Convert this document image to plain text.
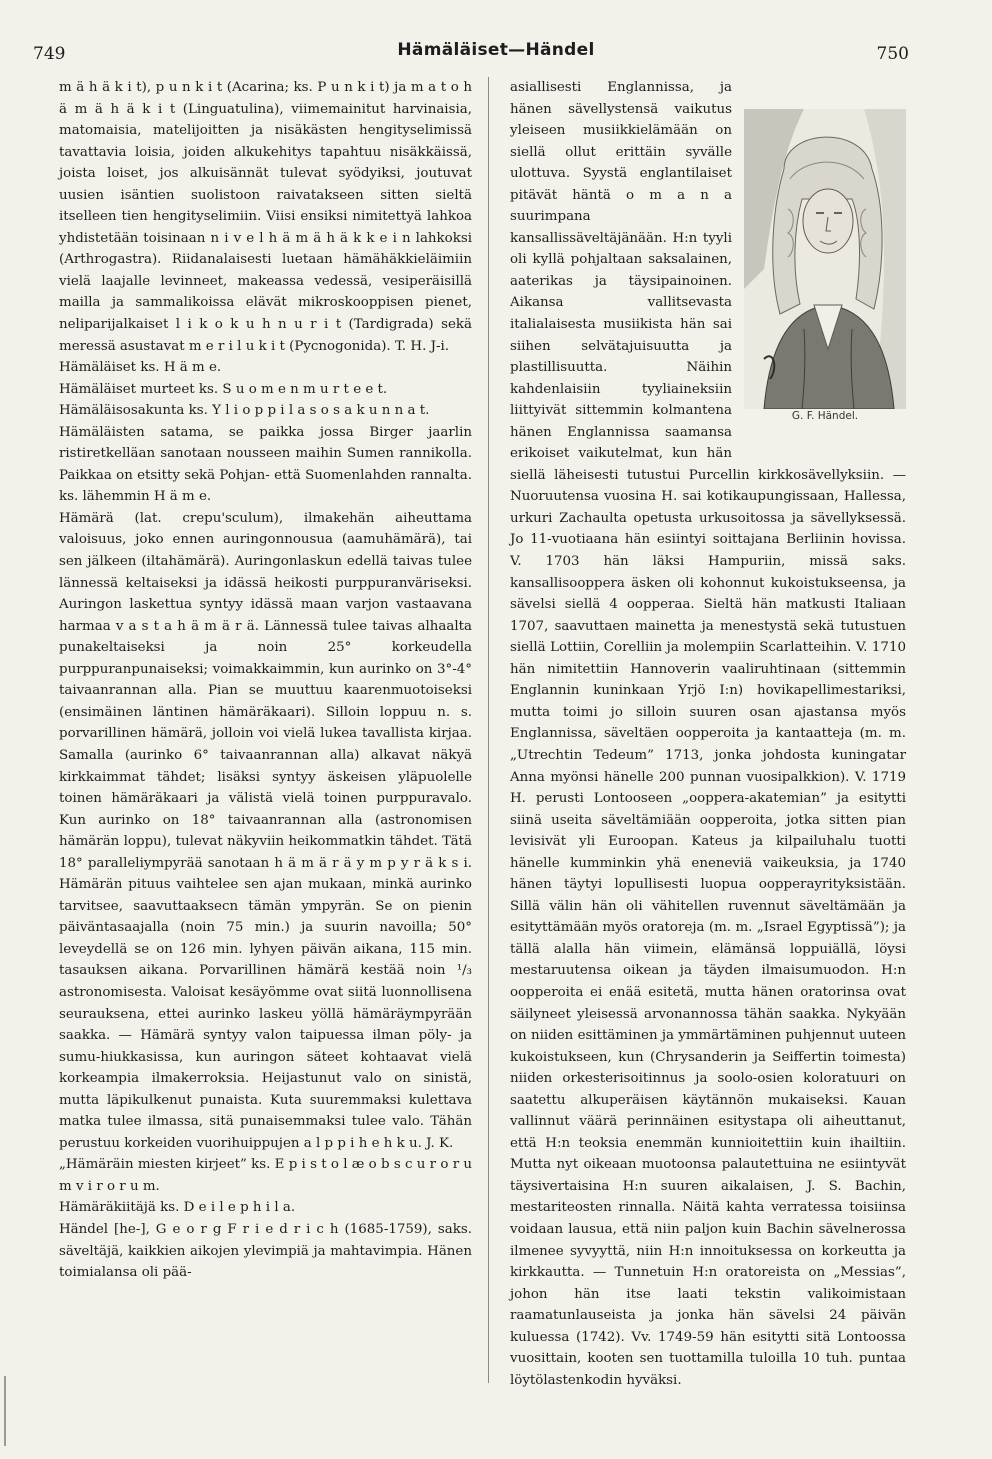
749	Hämäläiset—Händel	750

m ä h ä k i t), p u n k i t (Acarina; ks. P u n k i t) ja m a t o h ä m ä h ä k i t (Linguatulina), viimemainitut harvinaisia, matomaisia, matelijoitten ja nisäkästen hengityselimissä tavattavia loisia, joiden alkukehitys tapahtuu nisäkkäissä, joista loiset, jos alkuisännät tulevat syödyiksi, joutuvat uusien isäntien suolistoon raivatakseen sitten sieltä itselleen tien hengityselimiin. Viisi ensiksi nimitettyä lahkoa yhdistetään toisinaan n i v e l h ä m ä h ä k k e i n lahkoksi (Arthrogastra). Riidanalaisesti luetaan hämähäkkieläimiin vielä laajalle levinneet, makeassa vedessä, vesiperäisillä mailla ja sammalikoissa elävät mikroskooppisen pienet, neliparijalkaiset l i k o k u h n u r i t (Tardigrada) sekä meressä asustavat m e r i l u k i t (Pycnogonida). T. H. J-i.

Hämäläiset ks. H ä m e.

Hämäläiset murteet ks. S u o m e n m u r t e e t.

Hämäläisosakunta ks. Y l i o p p i l a s o s a k u n n a t.

Hämäläisten satama, se paikka jossa Birger jaarlin ristiretkelläan sanotaan nousseen maihin Sumen rannikolla. Paikkaa on etsitty sekä Pohjan- että Suomenlahden rannalta. ks. lähemmin H ä m e.

Hämärä (lat. crepu'sculum), ilmakehän aiheuttama valoisuus, joko ennen auringonnousua (aamuhämärä), tai sen jälkeen (iltahämärä). Auringonlaskun edellä taivas tulee lännessä keltaiseksi ja idässä heikosti purppuranväriseksi. Auringon laskettua syntyy idässä maan varjon vastaavana harmaa v a s t a h ä m ä r ä. Lännessä tulee taivas alhaalta punakeltaiseksi ja noin 25° korkeudella purppuranpunaiseksi; voimakkaimmin, kun aurinko on 3°-4° taivaanrannan alla. Pian se muuttuu kaarenmuotoiseksi (ensimäinen läntinen hämäräkaari). Silloin loppuu n. s. porvarillinen hämärä, jolloin voi vielä lukea tavallista kirjaa. Samalla (aurinko 6° taivaanrannan alla) alkavat näkyä kirkkaimmat tähdet; lisäksi syntyy äskeisen yläpuolelle toinen hämäräkaari ja välistä vielä toinen purppuravalo. Kun aurinko on 18° taivaanrannan alla (astronomisen hämärän loppu), tulevat näkyviin heikommatkin tähdet. Tätä 18° paralleliympyrää sanotaan h ä m ä r ä y m p y r ä k s i. Hämärän pituus vaihtelee sen ajan mukaan, minkä aurinko tarvitsee, saavuttaaksecn tämän ympyrän. Se on pienin päiväntasaajalla (noin 75 min.) ja suurin navoilla; 50° leveydellä se on 126 min. lyhyen päivän aikana, 115 min. tasauksen aikana. Porvarillinen hämärä kestää noin ¹/₃ astronomisesta. Valoisat kesäyömme ovat siitä luonnollisena seurauksena, ettei aurinko laskeu yöllä hämäräympyrään saakka. — Hämärä syntyy valon taipuessa ilman pöly- ja sumu-hiukkasissa, kun auringon säteet kohtaavat vielä korkeampia ilmakerroksia. Heijastunut valo on sinistä, mutta läpikulkenut punaista. Kuta suuremmaksi kulettava matka tulee ilmassa, sitä punaisemmaksi tulee valo. Tähän perustuu korkeiden vuorihuippujen a l p p i h e h k u. J. K.

„Hämäräin miesten kirjeet” ks. E p i s t o l æ o b s c u r o r u m v i r o r u m.

Hämäräkiitäjä ks. D e i l e p h i l a.

Händel [he-], G e o r g F r i e d r i c h (1685-1759), saks. säveltäjä, kaikkien aikojen ylevimpiä ja mahtavimpia. Hänen toimialansa oli pää-

G. F. Händel.

asiallisesti Englannissa, ja hänen sävellystensä vaikutus yleiseen musiikkielämään on siellä ollut erittäin syvälle ulottuva. Syystä englantilaiset pitävät häntä o m a n a suurimpana kansallissäveltäjänään. H:n tyyli oli kyllä pohjaltaan saksalainen, aaterikas ja täysipainoinen. Aikansa vallitsevasta italialaisesta musiikista hän sai siihen selvätajuisuutta ja plastillisuutta. Näihin kahdenlaisiin tyyliaineksiin liittyivät sittemmin kolmantena hänen Englannissa saamansa erikoiset vaikutelmat, kun hän siellä läheisesti tutustui Purcellin kirkkosävellyksiin. — Nuoruutensa vuosina H. sai kotikaupungissaan, Hallessa, urkuri Zachaulta opetusta urkusoitossa ja sävellyksessä. Jo 11-vuotiaana hän esiintyi soittajana Berliinin hovissa. V. 1703 hän läksi Hampuriin, missä saks. kansallisooppera äsken oli kohonnut kukoistukseensa, ja sävelsi siellä 4 oopperaa. Sieltä hän matkusti Italiaan 1707, saavuttaen mainetta ja menestystä sekä tutustuen siellä Lottiin, Corelliin ja molempiin Scarlatteihin. V. 1710 hän nimitettiin Hannoverin vaaliruhtinaan (sittemmin Englannin kuninkaan Yrjö I:n) hovikapellimestariksi, mutta toimi jo silloin suuren osan ajastansa myös Englannissa, säveltäen oopperoita ja kantaatteja (m. m. „Utrechtin Tedeum” 1713, jonka johdosta kuningatar Anna myönsi hänelle 200 punnan vuosipalkkion). V. 1719 H. perusti Lontooseen „ooppera-akatemian” ja esitytti siinä useita säveltämiään oopperoita, jotka sitten pian levisivät yli Euroopan. Kateus ja kilpailuhalu tuotti hänelle kumminkin yhä eneneviä vaikeuksia, ja 1740 hänen täytyi lopullisesti luopua oopperayrityksistään. Sillä välin hän oli vähitellen ruvennut säveltämään ja esityttämään myös oratoreja (m. m. „Israel Egyptissä”); ja tällä alalla hän viimein, elämänsä loppuiällä, löysi mestaruutensa oikean ja täyden ilmaisumuodon. H:n oopperoita ei enää esitetä, mutta hänen oratorinsa ovat säilyneet yleisessä arvonannossa tähän saakka. Nykyään on niiden esittäminen ja ymmärtäminen puhjennut uuteen kukoistukseen, kun (Chrysanderin ja Seiffertin toimesta) niiden orkesterisoitinnus ja soolo-osien koloratuuri on saatettu alkuperäisen käytännön mukaiseksi. Kauan vallinnut väärä perinnäinen esitystapa oli aiheuttanut, että H:n teoksia enemmän kunnioitettiin kuin ihailtiin. Mutta nyt oikeaan muotoonsa palautettuina ne esiintyvät täysivertaisina H:n suuren aikalaisen, J. S. Bachin, mestariteosten rinnalla. Näitä kahta verratessa toisiinsa voidaan lausua, että niin paljon kuin Bachin sävelnerossa ilmenee syvyyttä, niin H:n innoituksessa on korkeutta ja kirkkautta. — Tunnetuin H:n oratoreista on „Messias”, johon hän itse laati tekstin valikoimistaan raamatunlauseista ja jonka hän sävelsi 24 päivän kuluessa (1742). Vv. 1749-59 hän esitytti sitä Lontoossa vuosittain, kooten sen tuottamilla tuloilla 10 tuh. puntaa löytölastenkodin hyväksi.
